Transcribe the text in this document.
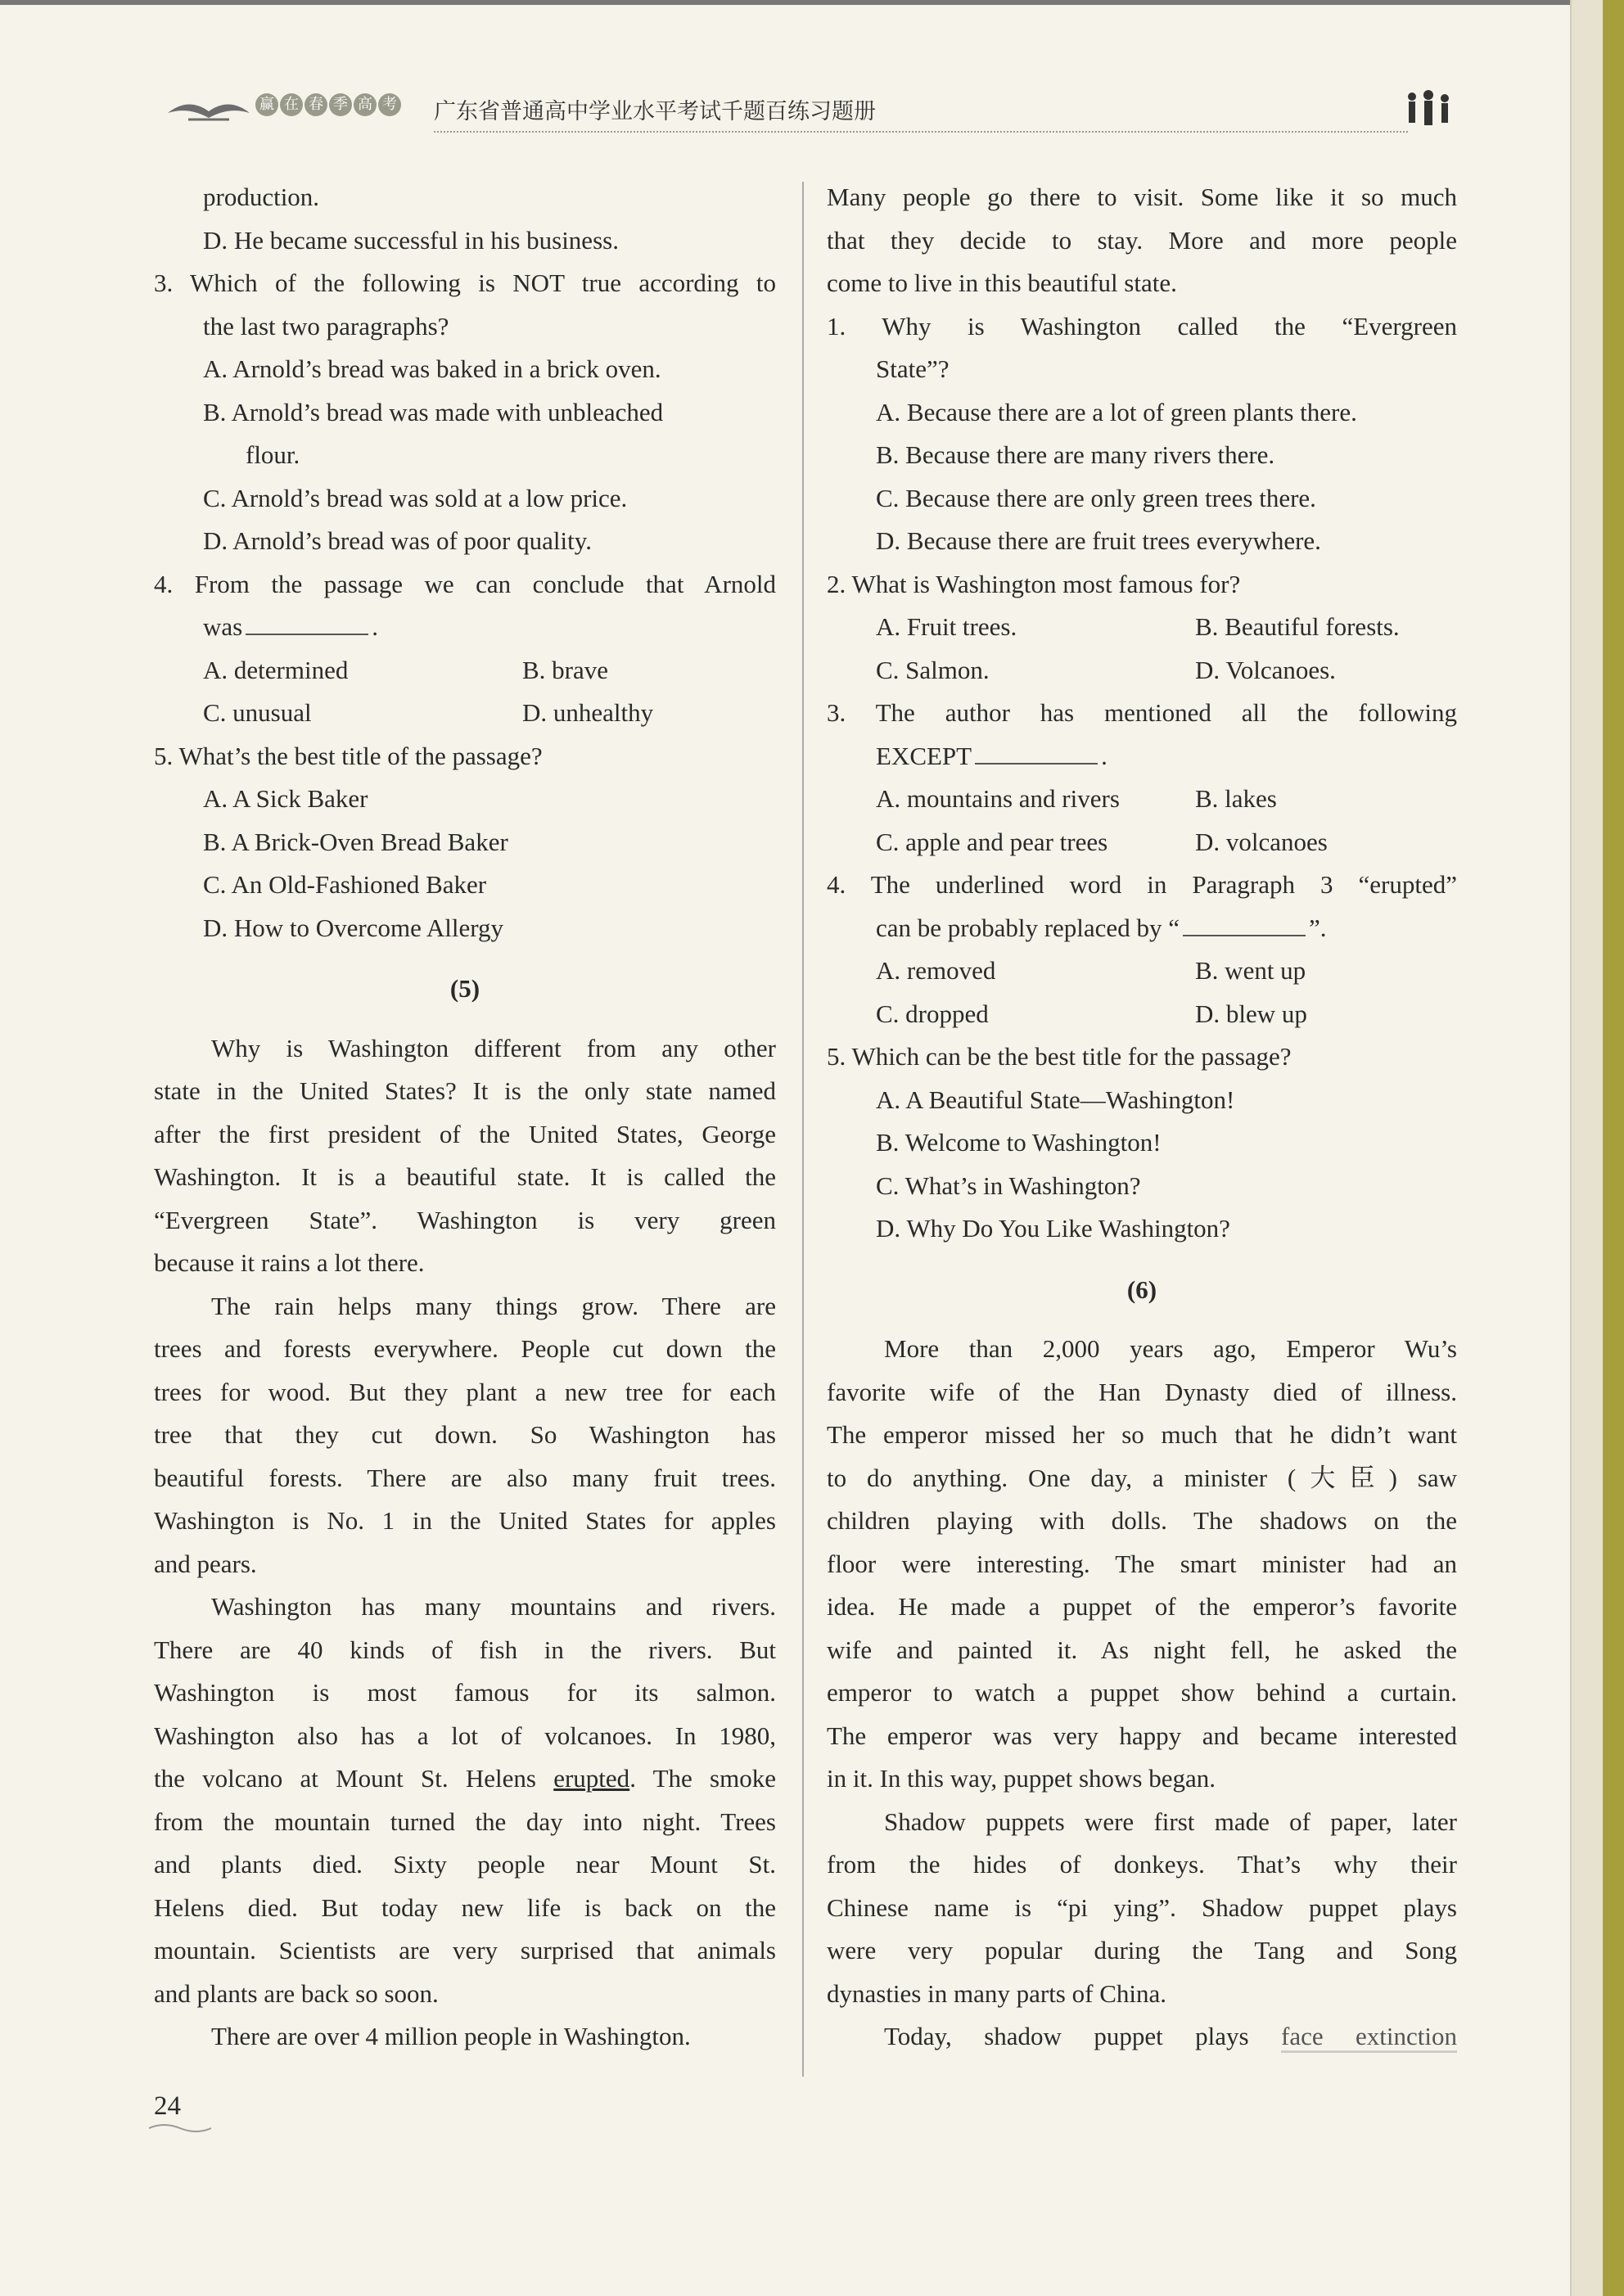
赢 在 春 季 高 考 广东省普通高中学业水平考试千题百练习题册
production.
D. He became successful in his business.
3. Which of the following is NOT true according to
the last two paragraphs?
A. Arnold’s bread was baked in a brick oven.
B. Arnold’s bread was made with unbleached
flour.
C. Arnold’s bread was sold at a low price.
D. Arnold’s bread was of poor quality.
4. From the passage we can conclude that Arnold
was	.
A. determined	B. brave
C. unusual	D. unhealthy
5. What’s the best title of the passage?
A. A Sick Baker
B. A Brick-Oven Bread Baker
C. An Old-Fashioned Baker
D. How to Overcome Allergy
(5)
Why is Washington different from any other
state in the United States? It is the only state named
after the first president of the United States, George
Washington. It is a beautiful state. It is called the
“Evergreen State”. Washington is very green
because it rains a lot there.
The rain helps many things grow. There are
trees and forests everywhere. People cut down the
trees for wood. But they plant a new tree for each
tree that they cut down. So Washington has
beautiful forests. There are also many fruit trees.
Washington is No. 1 in the United States for apples
and pears.
Washington has many mountains and rivers.
There are 40 kinds of fish in the rivers. But
Washington is most famous for its salmon.
Washington also has a lot of volcanoes. In 1980,
the volcano at Mount St. Helens erupted. The smoke
from the mountain turned the day into night. Trees
and plants died. Sixty people near Mount St.
Helens died. But today new life is back on the
mountain. Scientists are very surprised that animals
and plants are back so soon.
There are over 4 million people in Washington.
Many people go there to visit. Some like it so much
that they decide to stay. More and more people
come to live in this beautiful state.
1. Why is Washington called the “Evergreen
State”?
A. Because there are a lot of green plants there.
B. Because there are many rivers there.
C. Because there are only green trees there.
D. Because there are fruit trees everywhere.
2. What is Washington most famous for?
A. Fruit trees.	B. Beautiful forests.
C. Salmon.	D. Volcanoes.
3. The author has mentioned all the following
EXCEPT	.
A. mountains and rivers	B. lakes
C. apple and pear trees	D. volcanoes
4. The underlined word in Paragraph 3 “erupted”
can be probably replaced by “	”.
A. removed	B. went up
C. dropped	D. blew up
5. Which can be the best title for the passage?
A. A Beautiful State—Washington!
B. Welcome to Washington!
C. What’s in Washington?
D. Why Do You Like Washington?
(6)
More than 2,000 years ago, Emperor Wu’s
favorite wife of the Han Dynasty died of illness.
The emperor missed her so much that he didn’t want
to do anything. One day, a minister (大臣) saw
children playing with dolls. The shadows on the
floor were interesting. The smart minister had an
idea. He made a puppet of the emperor’s favorite
wife and painted it. As night fell, he asked the
emperor to watch a puppet show behind a curtain.
The emperor was very happy and became interested
in it. In this way, puppet shows began.
Shadow puppets were first made of paper, later
from the hides of donkeys. That’s why their
Chinese name is “pi ying”. Shadow puppet plays
were very popular during the Tang and Song
dynasties in many parts of China.
Today, shadow puppet plays face extinction
24
